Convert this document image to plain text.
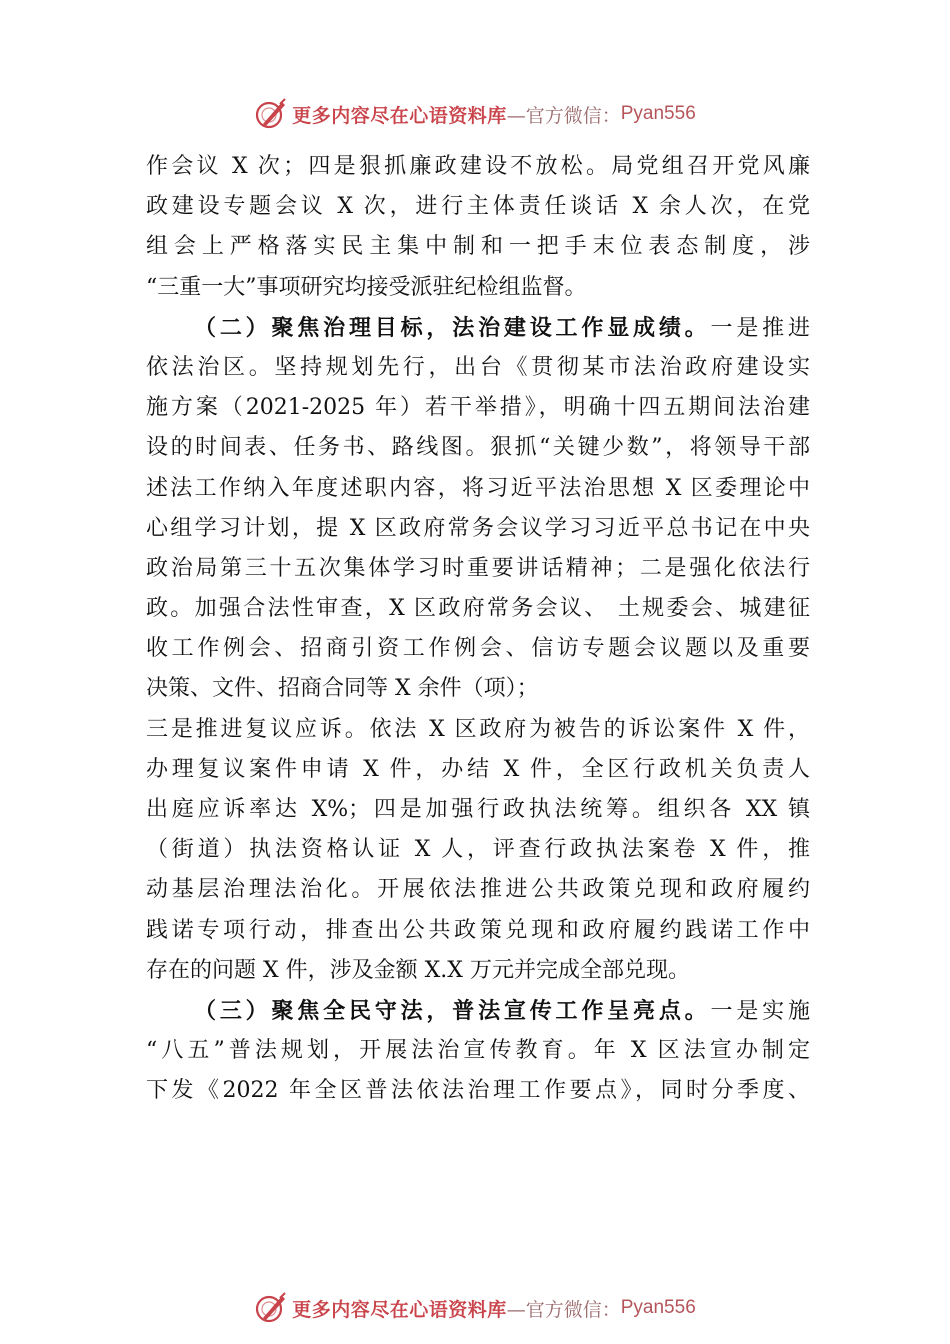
更多内容尽在心语资料库 —官方微信： Pyan556
作会议 X 次；四是狠抓廉政建设不放松。局党组召开党风廉
政建设专题会议 X 次，进行主体责任谈话 X 余人次，在党
组会上严格落实民主集中制和一把手末位表态制度，涉
“三重一大”事项研究均接受派驻纪检组监督。
（二）聚焦治理目标，法治建设工作显成绩。一是推进
依法治区。坚持规划先行，出台《贯彻某市法治政府建设实
施方案（2021-2025 年）若干举措》，明确十四五期间法治建
设的时间表、任务书、路线图。狠抓“关键少数”，将领导干部
述法工作纳入年度述职内容，将习近平法治思想 X 区委理论中
心组学习计划，提 X 区政府常务会议学习习近平总书记在中央
政治局第三十五次集体学习时重要讲话精神；二是强化依法行
政。加强合法性审查，X 区政府常务会议、 土规委会、城建征
收工作例会、招商引资工作例会、信访专题会议题以及重要
决策、文件、招商合同等 X 余件（项）；
三是推进复议应诉。依法 X 区政府为被告的诉讼案件 X 件，
办理复议案件申请 X 件，办结 X 件，全区行政机关负责人
出庭应诉率达 X%；四是加强行政执法统筹。组织各 XX 镇
（街道）执法资格认证 X 人，评查行政执法案卷 X 件，推
动基层治理法治化。开展依法推进公共政策兑现和政府履约
践诺专项行动，排查出公共政策兑现和政府履约践诺工作中
存在的问题 X 件，涉及金额 X.X 万元并完成全部兑现。
（三）聚焦全民守法，普法宣传工作呈亮点。一是实施
“八五”普法规划，开展法治宣传教育。年 X 区法宣办制定
下发《2022 年全区普法依法治理工作要点》，同时分季度、
更多内容尽在心语资料库 —官方微信： Pyan556
